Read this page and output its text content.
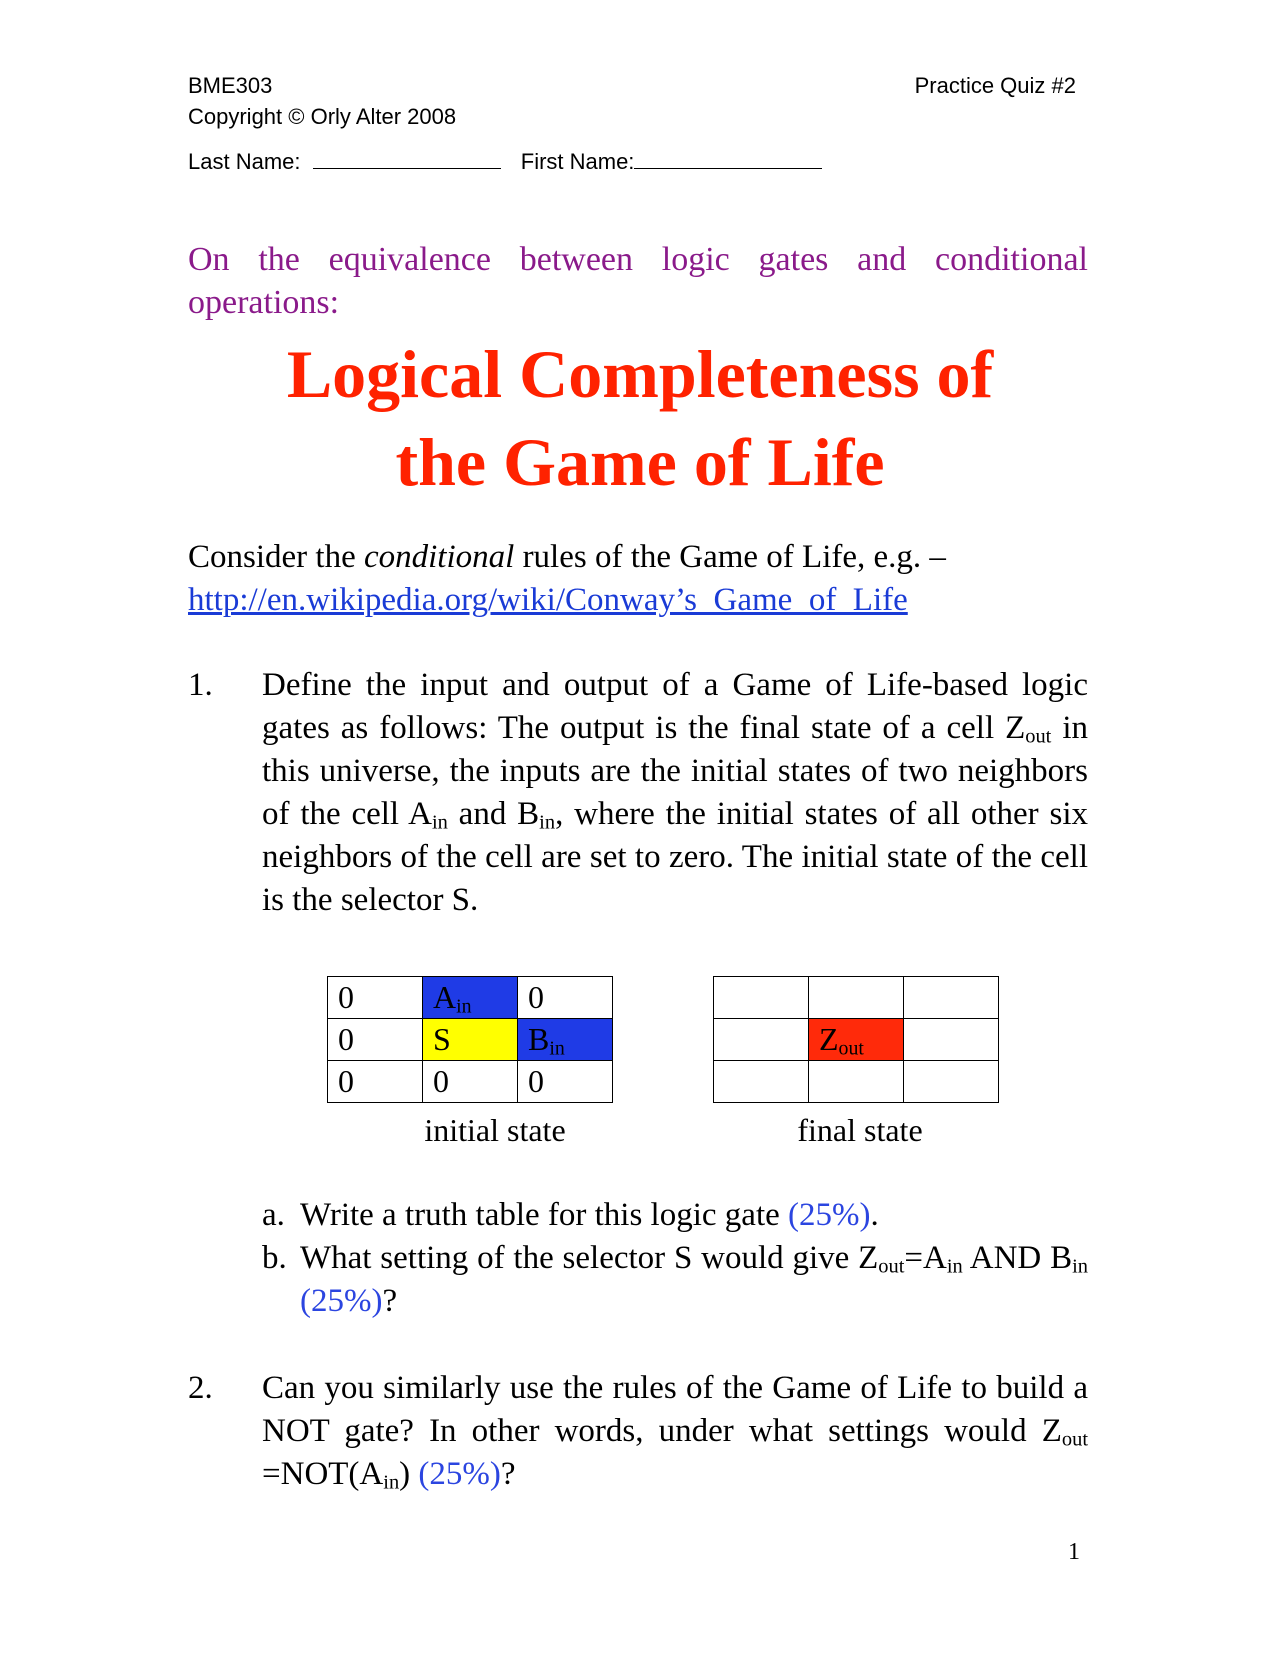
BME303	Practice Quiz #2
Copyright © Orly Alter 2008
Last Name:	First Name:
On the equivalence between logic gates and conditional operations:
Logical Completeness of
the Game of Life
Consider the conditional rules of the Game of Life, e.g. –
http://en.wikipedia.org/wiki/Conway’s_Game_of_Life
1. Define the input and output of a Game of Life-based logic gates as follows: The output is the final state of a cell $Z_{out}$ in this universe, the inputs are the initial states of two neighbors of the cell $A_{in}$ and $B_{in}$, where the initial states of all other six neighbors of the cell are set to zero. The initial state of the cell is the selector S.
0	$A_{in}$	0
0	S	$B_{in}$
0	0	0
initial state

	$Z_{out}$	

final state
a. Write a truth table for this logic gate (25%).
b. What setting of the selector S would give $Z_{out}=A_{in}$ AND $B_{in}$ (25%)?
2. Can you similarly use the rules of the Game of Life to build a NOT gate? In other words, under what settings would $Z_{out} =NOT(A_{in})$ (25%)?
1
